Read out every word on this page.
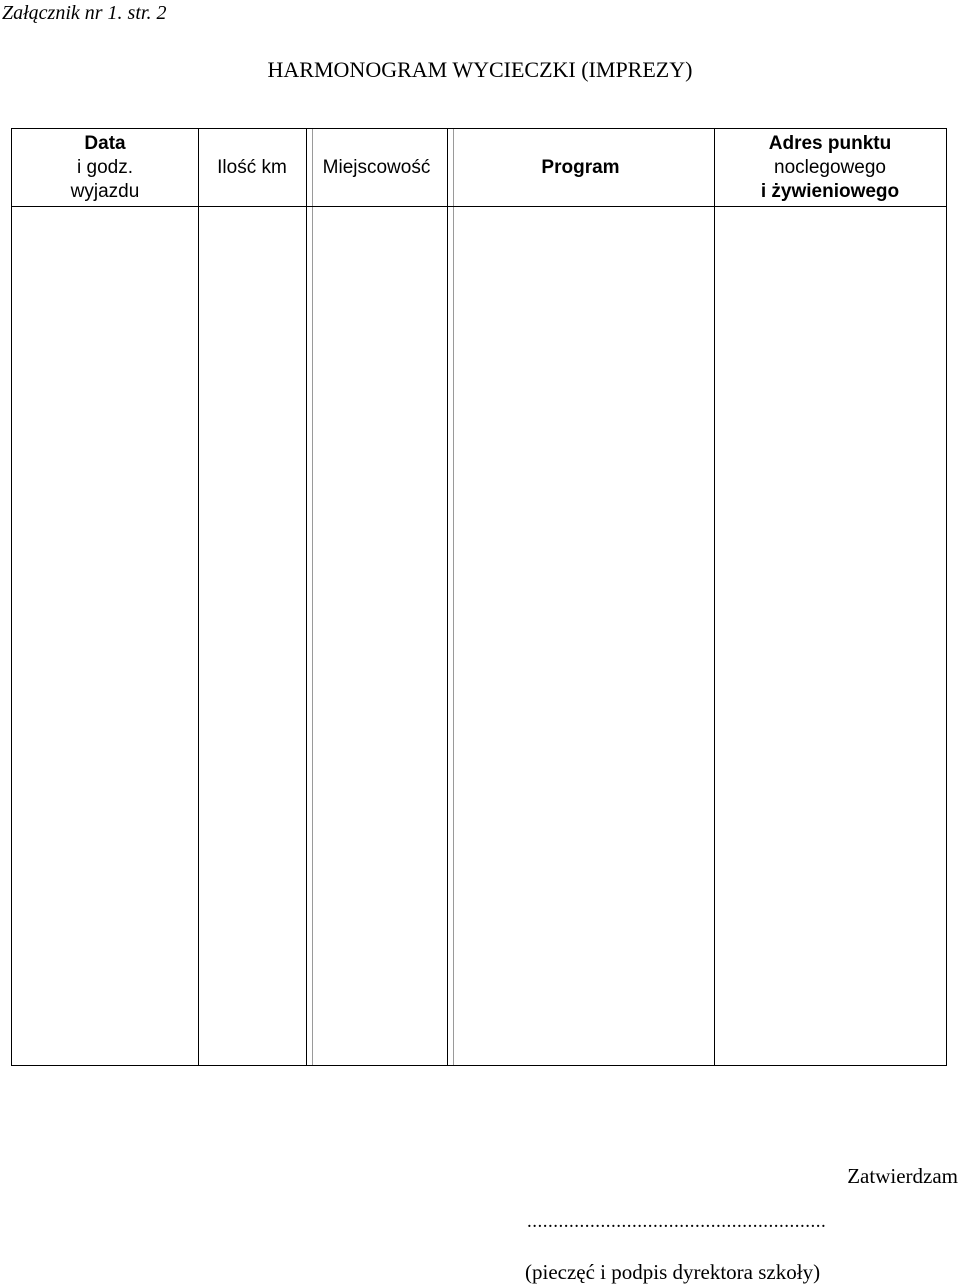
Załącznik nr 1. str. 2
HARMONOGRAM WYCIECZKI (IMPREZY)
Data
i godz.
wyjazdu
Ilość km Miejscowość	Program
Adres punktu
noclegowego
i żywieniowego
Zatwierdzam
.........................................................
(pieczęć i podpis dyrektora szkoły)
